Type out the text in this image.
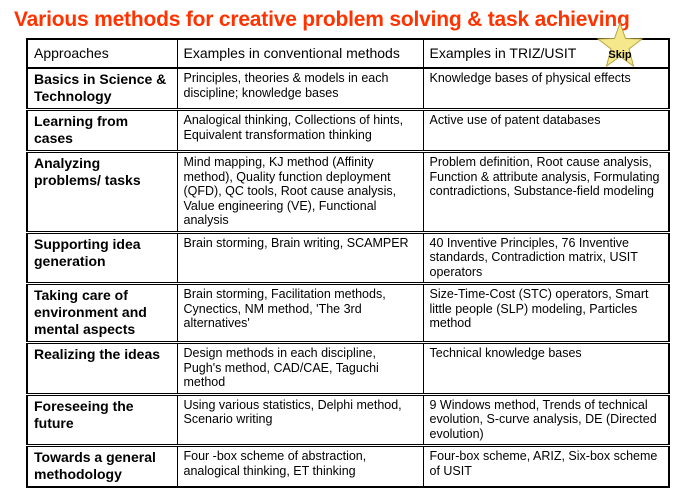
Various methods for creative problem solving & task achieving
Approaches	Examples in conventional methods	Examples in TRIZ/USIT
Basics in Science & Technology	Principles, theories & models in each discipline; knowledge bases	Knowledge bases of physical effects
Learning from cases	Analogical thinking, Collections of hints, Equivalent transformation thinking	Active use of patent databases
Analyzing problems/ tasks	Mind mapping, KJ method (Affinity method), Quality function deployment (QFD), QC tools, Root cause analysis, Value engineering (VE), Functional analysis	Problem definition, Root cause analysis, Function & attribute analysis, Formulating contradictions, Substance-field modeling
Supporting idea generation	Brain storming, Brain writing, SCAMPER	40 Inventive Principles, 76 Inventive standards, Contradiction matrix, USIT operators
Taking care of environment and mental aspects	Brain storming, Facilitation methods, Cynectics, NM method, 'The 3rd alternatives'	Size-Time-Cost (STC) operators, Smart little people (SLP) modeling, Particles method
Realizing the ideas	Design methods in each discipline, Pugh's method, CAD/CAE, Taguchi method	Technical knowledge bases
Foreseeing the future	Using various statistics, Delphi method, Scenario writing	9 Windows method, Trends of technical evolution, S-curve analysis, DE (Directed evolution)
Towards a general methodology	Four -box scheme of abstraction, analogical thinking, ET thinking	Four-box scheme, ARIZ, Six-box scheme of USIT
Skip
